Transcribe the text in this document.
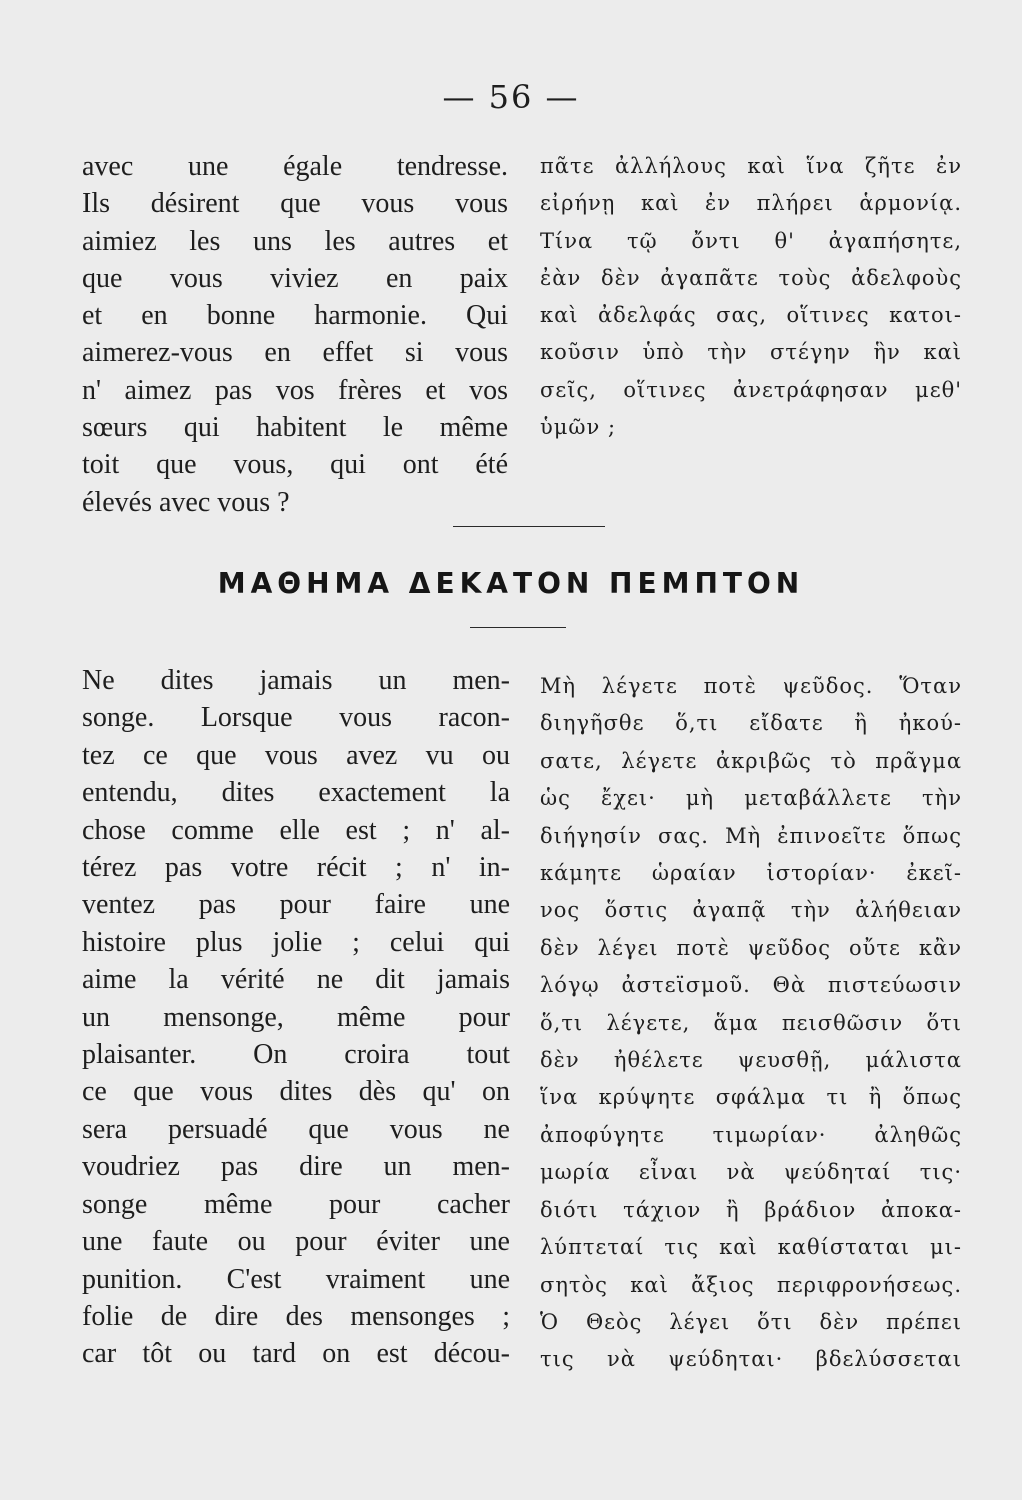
— 56 —
avec une égale tendresse.
Ils désirent que vous vous
aimiez les uns les autres et
que vous viviez en paix
et en bonne harmonie. Qui
aimerez-vous en effet si vous
n' aimez pas vos frères et vos
sœurs qui habitent le même
toit que vous, qui ont été
élevés avec vous ?
πᾶτε ἀλλήλους καὶ ἵνα ζῆτε ἐν
εἰρήνῃ καὶ ἐν πλήρει ἁρμονίᾳ.
Τίνα τῷ ὄντι θ' ἀγαπήσητε,
ἐὰν δὲν ἀγαπᾶτε τοὺς ἀδελφοὺς
καὶ ἀδελφάς σας, οἵτινες κατοι-
κοῦσιν ὑπὸ τὴν στέγην ἣν καὶ
σεῖς, οἵτινες ἀνετράφησαν μεθ'
ὑμῶν ;
ΜΑΘΗΜΑ ΔΕΚΑΤΟΝ ΠΕΜΠΤΟΝ
Ne dites jamais un men-
songe. Lorsque vous racon-
tez ce que vous avez vu ou
entendu, dites exactement la
chose comme elle est ; n' al-
térez pas votre récit ; n' in-
ventez pas pour faire une
histoire plus jolie ; celui qui
aime la vérité ne dit jamais
un mensonge, même pour
plaisanter. On croira tout
ce que vous dites dès qu' on
sera persuadé que vous ne
voudriez pas dire un men-
songe même pour cacher
une faute ou pour éviter une
punition. C'est vraiment une
folie de dire des mensonges ;
car tôt ou tard on est décou-
Μὴ λέγετε ποτὲ ψεῦδος. Ὅταν
διηγῆσθε ὅ,τι εἴδατε ἢ ἠκού-
σατε, λέγετε ἀκριβῶς τὸ πρᾶγμα
ὡς ἔχει· μὴ μεταβάλλετε τὴν
διήγησίν σας. Μὴ ἐπινοεῖτε ὅπως
κάμητε ὡραίαν ἱστορίαν· ἐκεῖ-
νος ὅστις ἀγαπᾷ τὴν ἀλήθειαν
δὲν λέγει ποτὲ ψεῦδος οὔτε κἂν
λόγῳ ἀστεϊσμοῦ. Θὰ πιστεύωσιν
ὅ,τι λέγετε, ἅμα πεισθῶσιν ὅτι
δὲν ἠθέλετε ψευσθῇ, μάλιστα
ἵνα κρύψητε σφάλμα τι ἢ ὅπως
ἀποφύγητε τιμωρίαν· ἀληθῶς
μωρία εἶναι νὰ ψεύδηταί τις·
διότι τάχιον ἢ βράδιον ἀποκα-
λύπτεταί τις καὶ καθίσταται μι-
σητὸς καὶ ἄξιος περιφρονήσεως.
Ὁ Θεὸς λέγει ὅτι δὲν πρέπει
τις νὰ ψεύδηται· βδελύσσεται
